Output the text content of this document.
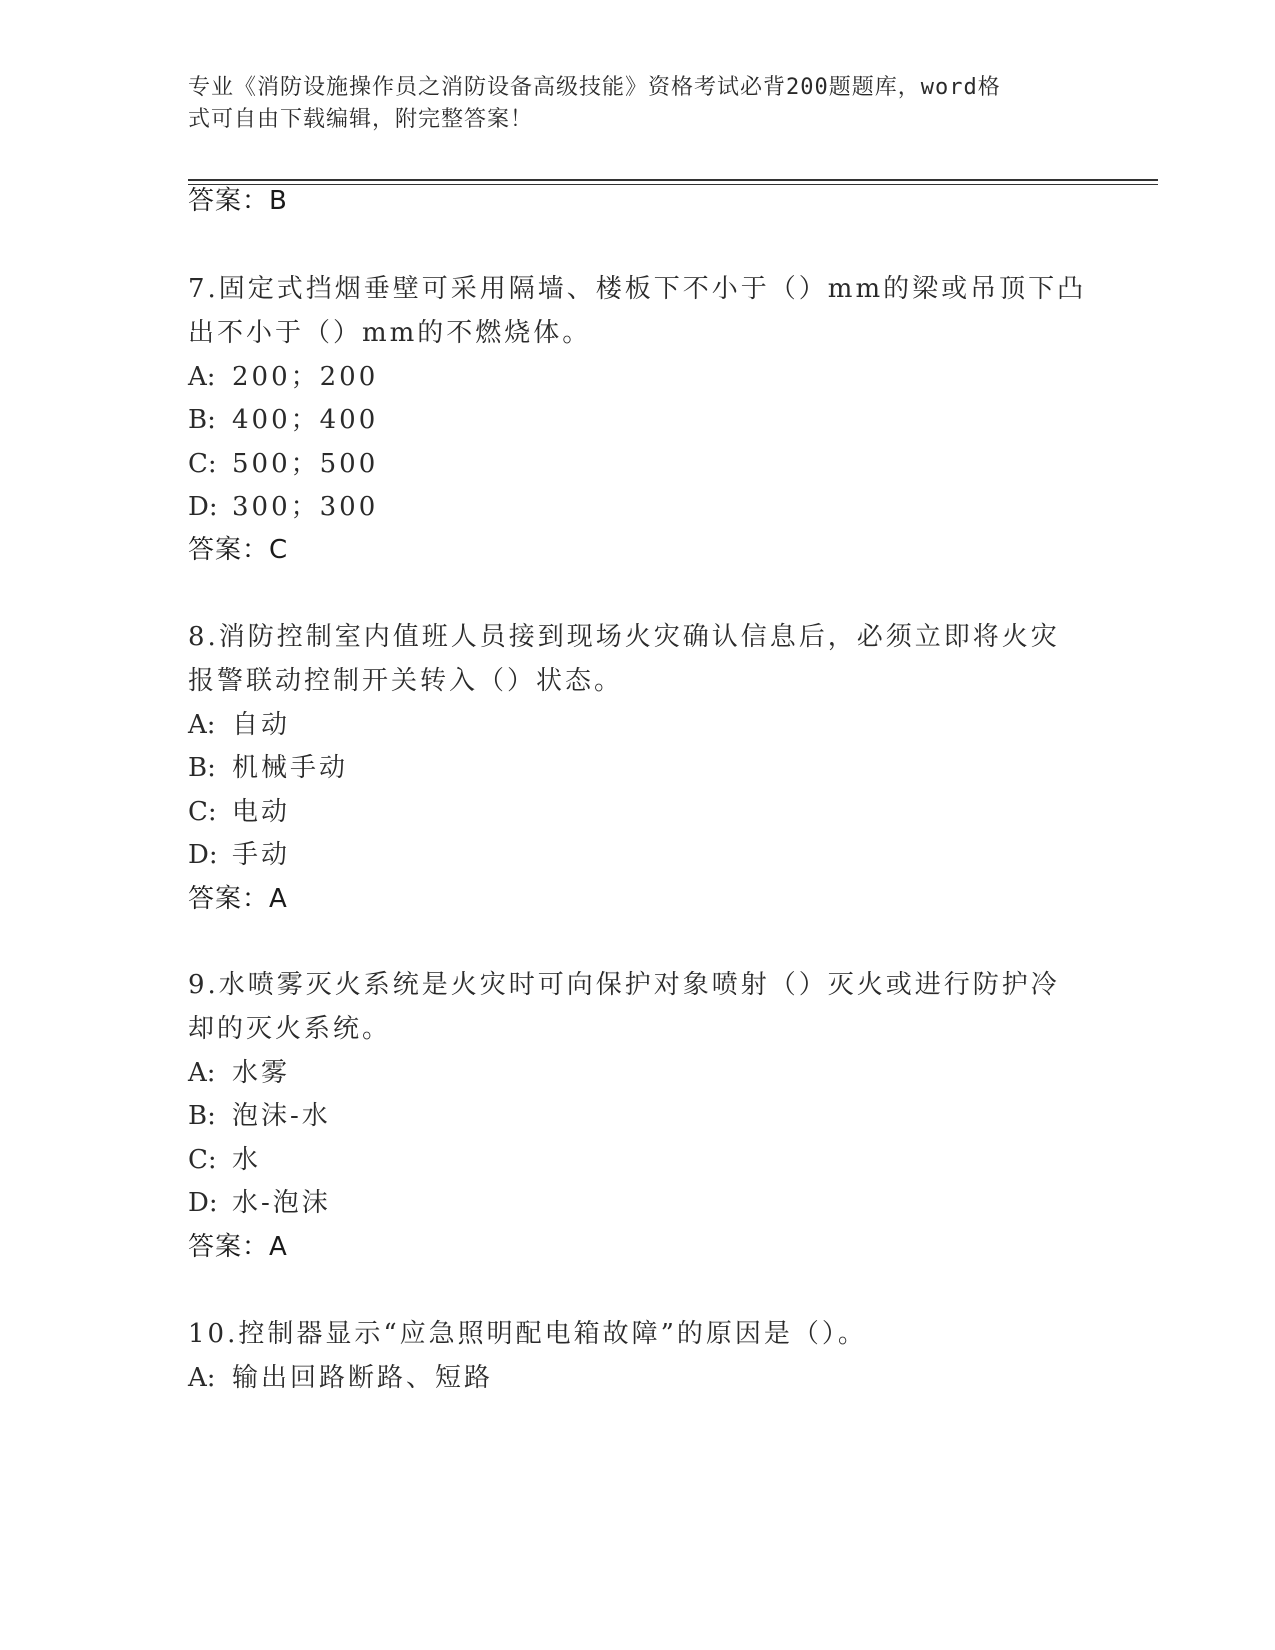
专业《消防设施操作员之消防设备高级技能》资格考试必背200题题库，word格
式可自由下载编辑，附完整答案！
答案：B
7.固定式挡烟垂壁可采用隔墙、楼板下不小于（）mm的梁或吊顶下凸
出不小于（）mm的不燃烧体。
A: 200；200
B: 400；400
C: 500；500
D: 300；300
答案：C
8.消防控制室内值班人员接到现场火灾确认信息后，必须立即将火灾
报警联动控制开关转入（）状态。
A: 自动
B: 机械手动
C: 电动
D: 手动
答案：A
9.水喷雾灭火系统是火灾时可向保护对象喷射（）灭火或进行防护冷
却的灭火系统。
A: 水雾
B: 泡沫-水
C: 水
D: 水-泡沫
答案：A
10.控制器显示“应急照明配电箱故障”的原因是（）。
A: 输出回路断路、短路
